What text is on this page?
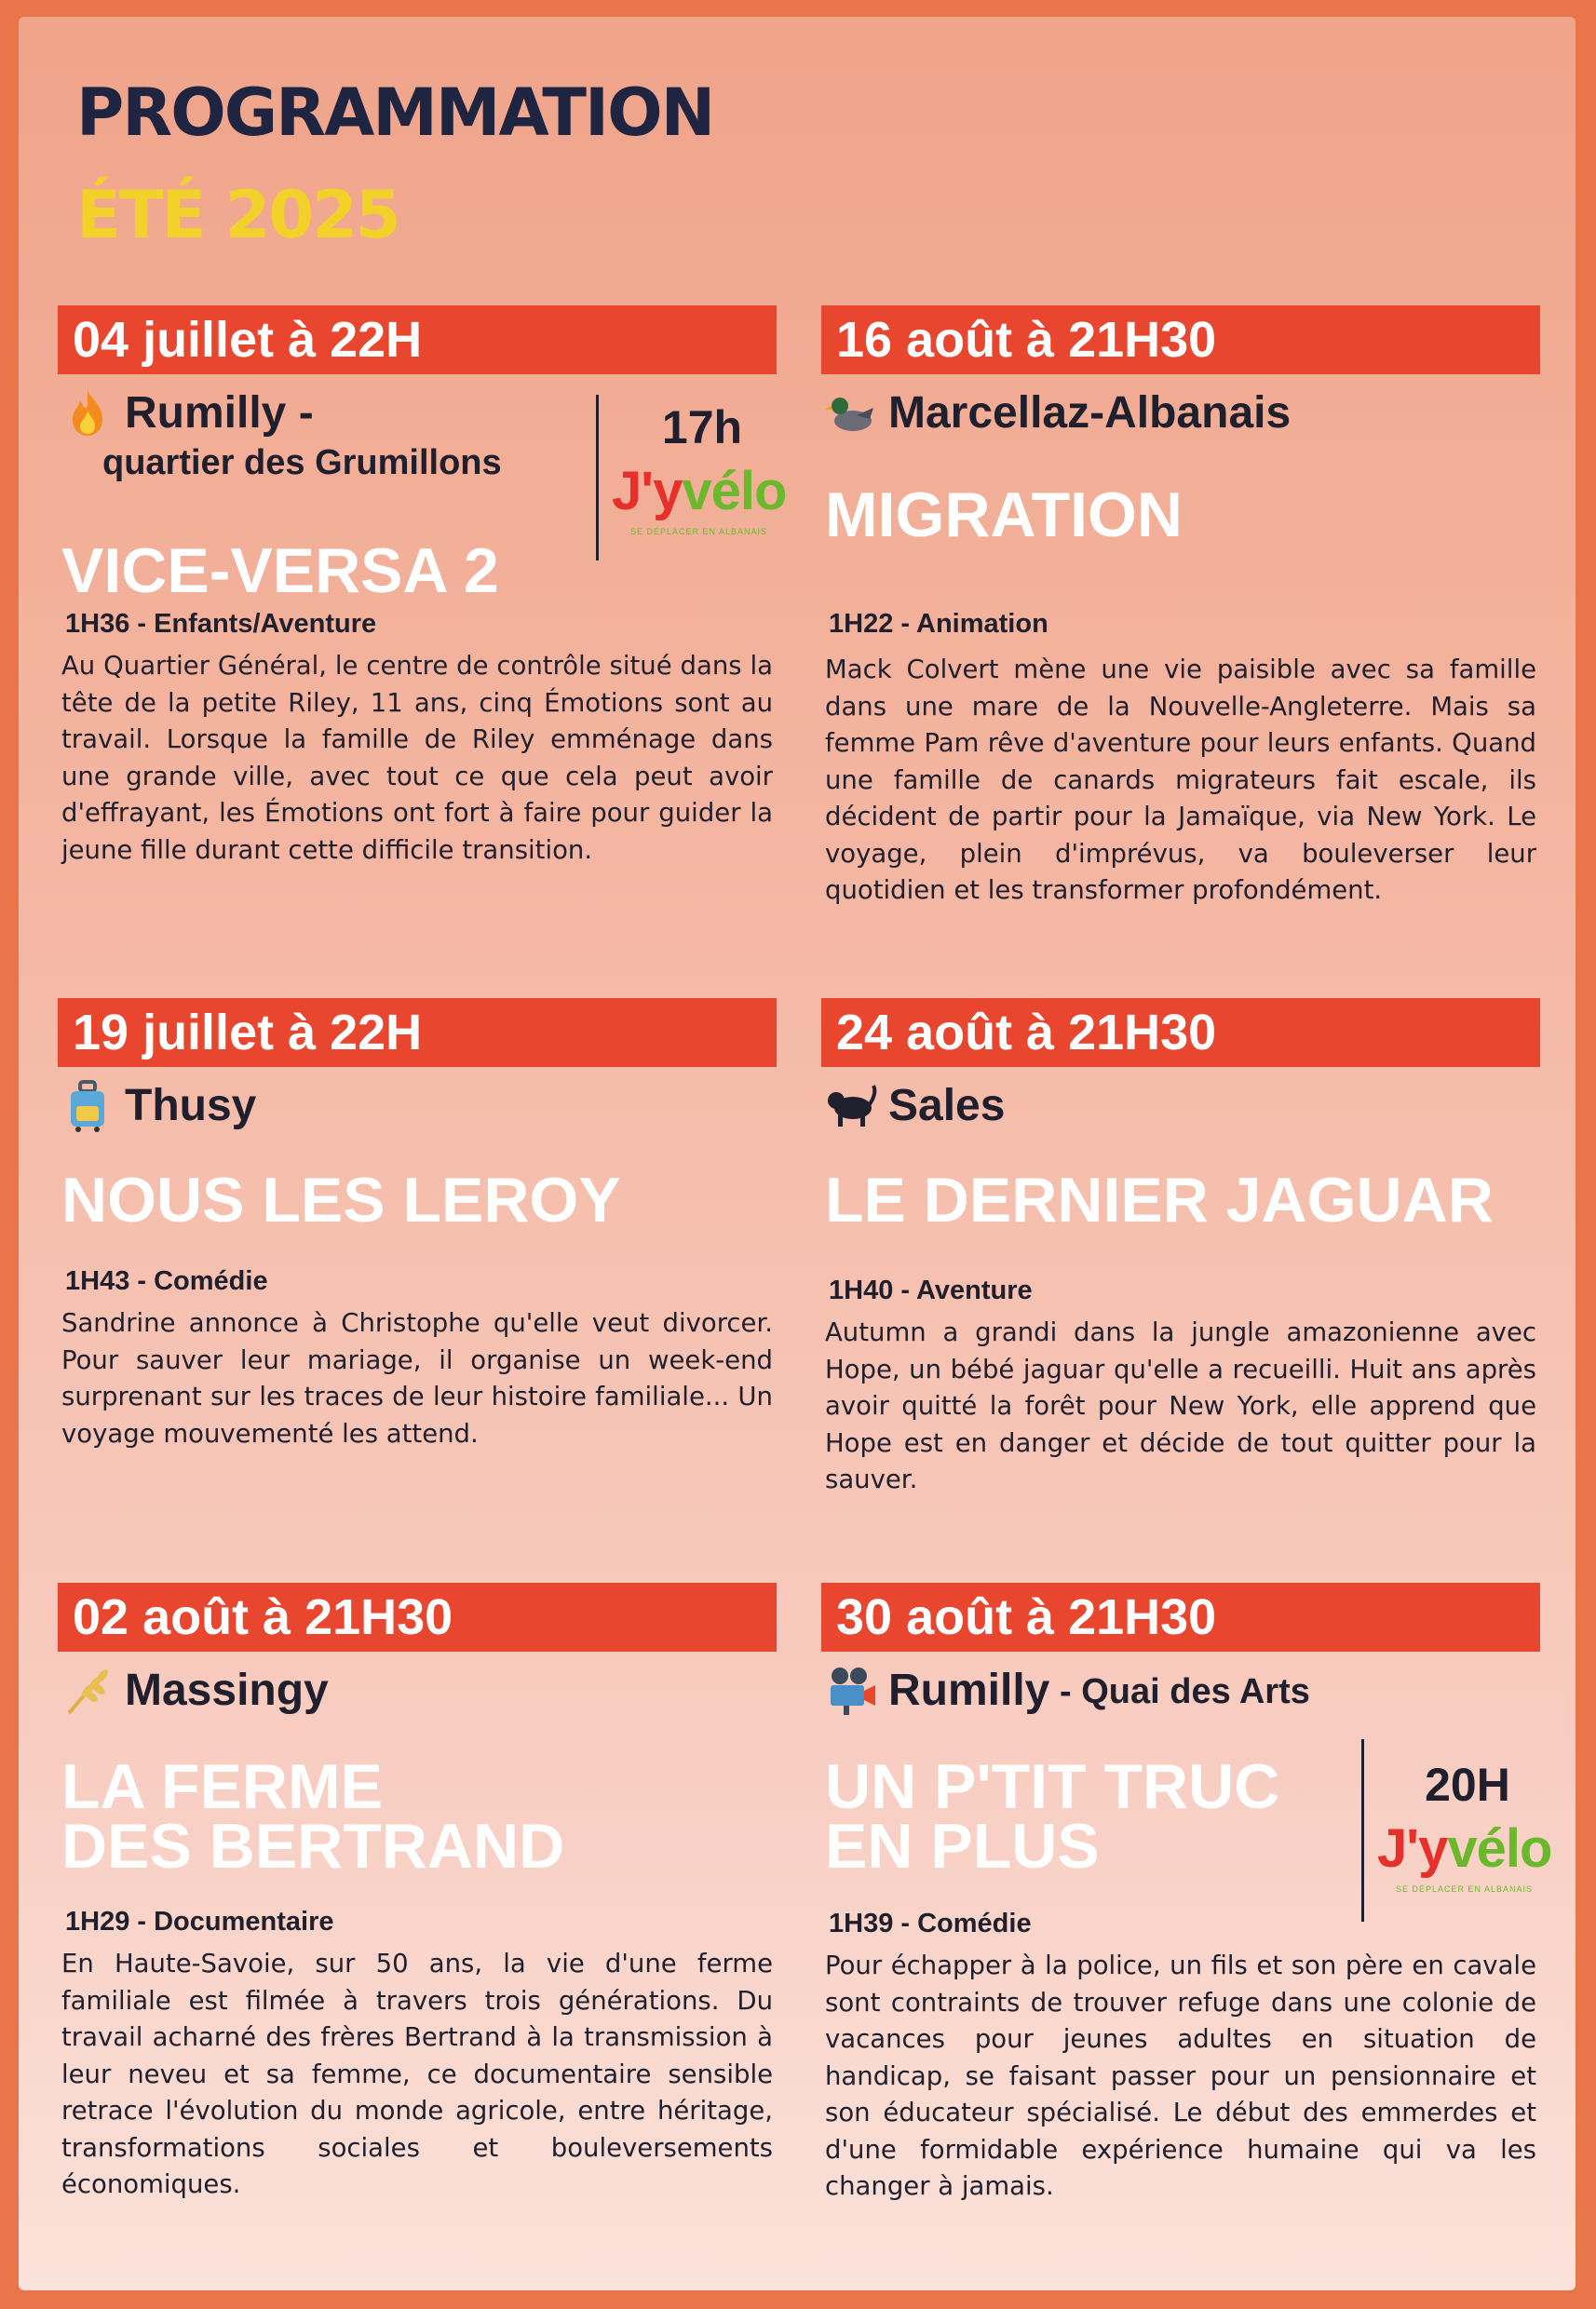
PROGRAMMATION
ÉTÉ 2025
04 juillet à 22H
Rumilly -
quartier des Grumillons
17h
J'yvélo
SE DÉPLACER EN ALBANAIS
VICE-VERSA 2
1H36 - Enfants/Aventure
Au Quartier Général, le centre de contrôle situé dans la tête de la petite Riley, 11 ans, cinq Émotions sont au travail. Lorsque la famille de Riley emménage dans une grande ville, avec tout ce que cela peut avoir d'effrayant, les Émotions ont fort à faire pour guider la jeune fille durant cette difficile transition.
16 août à 21H30
Marcellaz-Albanais
MIGRATION
1H22 - Animation
Mack Colvert mène une vie paisible avec sa famille dans une mare de la Nouvelle-Angleterre. Mais sa femme Pam rêve d'aventure pour leurs enfants. Quand une famille de canards migrateurs fait escale, ils décident de partir pour la Jamaïque, via New York. Le voyage, plein d'imprévus, va bouleverser leur quotidien et les transformer profondément.
19 juillet à 22H
Thusy
NOUS LES LEROY
1H43 - Comédie
Sandrine annonce à Christophe qu'elle veut divorcer. Pour sauver leur mariage, il organise un week-end surprenant sur les traces de leur histoire familiale... Un voyage mouvementé les attend.
24 août à 21H30
Sales
LE DERNIER JAGUAR
1H40 - Aventure
Autumn a grandi dans la jungle amazonienne avec Hope, un bébé jaguar qu'elle a recueilli. Huit ans après avoir quitté la forêt pour New York, elle apprend que Hope est en danger et décide de tout quitter pour la sauver.
02 août à 21H30
Massingy
LA FERME
DES BERTRAND
1H29 - Documentaire
En Haute-Savoie, sur 50 ans, la vie d'une ferme familiale est filmée à travers trois générations. Du travail acharné des frères Bertrand à la transmission à leur neveu et sa femme, ce documentaire sensible retrace l'évolution du monde agricole, entre héritage, transformations sociales et bouleversements économiques.
30 août à 21H30
Rumilly - Quai des Arts
20H
J'yvélo
SE DÉPLACER EN ALBANAIS
UN P'TIT TRUC
EN PLUS
1H39 - Comédie
Pour échapper à la police, un fils et son père en cavale sont contraints de trouver refuge dans une colonie de vacances pour jeunes adultes en situation de handicap, se faisant passer pour un pensionnaire et son éducateur spécialisé. Le début des emmerdes et d'une formidable expérience humaine qui va les changer à jamais.
